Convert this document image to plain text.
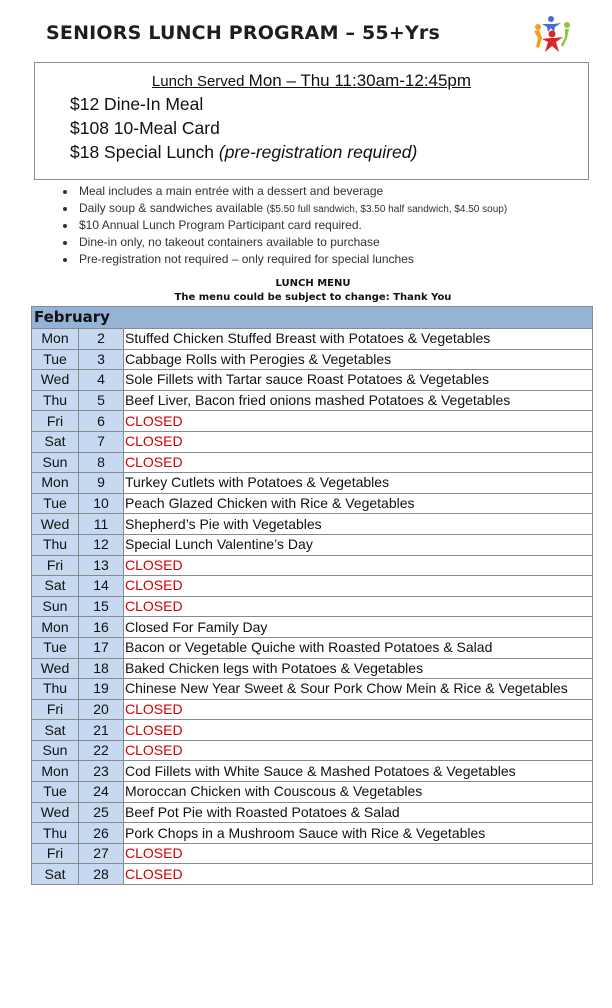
SENIORS LUNCH PROGRAM – 55+Yrs
Lunch Served Mon – Thu 11:30am-12:45pm
$12 Dine-In Meal
$108 10-Meal Card
$18 Special Lunch (pre-registration required)
Meal includes a main entrée with a dessert and beverage
Daily soup & sandwiches available ($5.50 full sandwich, $3.50 half sandwich, $4.50 soup)
$10 Annual Lunch Program Participant card required.
Dine-in only, no takeout containers available to purchase
Pre-registration not required – only required for special lunches
LUNCH MENU
The menu could be subject to change: Thank You
February		
Mon	2	Stuffed Chicken Stuffed Breast with Potatoes & Vegetables
Tue	3	Cabbage Rolls with Perogies & Vegetables
Wed	4	Sole Fillets with Tartar sauce Roast Potatoes & Vegetables
Thu	5	Beef Liver, Bacon fried onions mashed Potatoes & Vegetables
Fri	6	CLOSED
Sat	7	CLOSED
Sun	8	CLOSED
Mon	9	Turkey Cutlets with Potatoes & Vegetables
Tue	10	Peach Glazed Chicken with Rice & Vegetables
Wed	11	Shepherd’s Pie with Vegetables
Thu	12	Special Lunch Valentine’s Day
Fri	13	CLOSED
Sat	14	CLOSED
Sun	15	CLOSED
Mon	16	Closed For Family Day
Tue	17	Bacon or Vegetable Quiche with Roasted Potatoes & Salad
Wed	18	Baked Chicken legs with Potatoes & Vegetables
Thu	19	Chinese New Year Sweet & Sour Pork Chow Mein & Rice & Vegetables
Fri	20	CLOSED
Sat	21	CLOSED
Sun	22	CLOSED
Mon	23	Cod Fillets with White Sauce & Mashed Potatoes & Vegetables
Tue	24	Moroccan Chicken with Couscous & Vegetables
Wed	25	Beef Pot Pie with Roasted Potatoes & Salad
Thu	26	Pork Chops in a Mushroom Sauce with Rice & Vegetables
Fri	27	CLOSED
Sat	28	CLOSED
